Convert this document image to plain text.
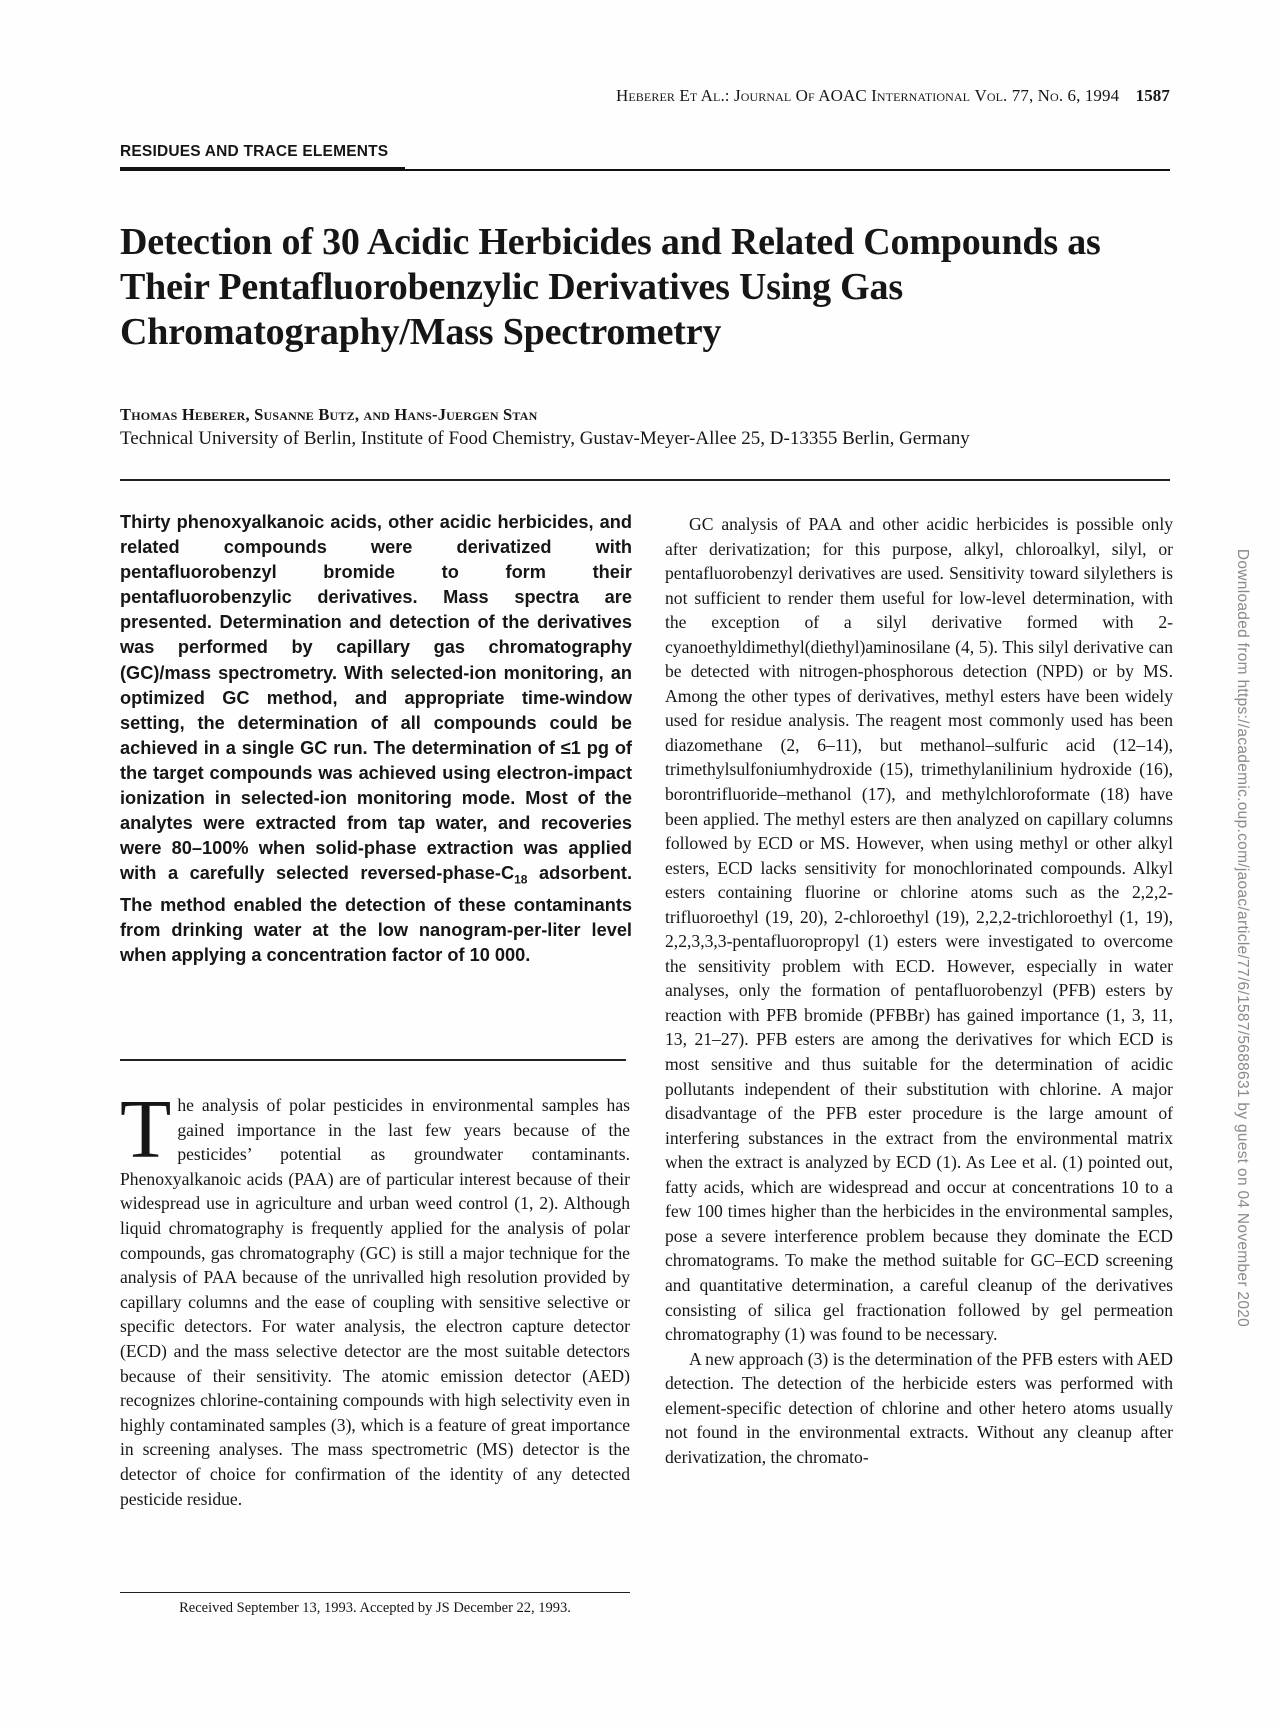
Heberer Et Al.: Journal Of AOAC International Vol. 77, No. 6, 1994 1587
RESIDUES AND TRACE ELEMENTS
Detection of 30 Acidic Herbicides and Related Compounds as Their Pentafluorobenzylic Derivatives Using Gas Chromatography/Mass Spectrometry
Thomas Heberer, Susanne Butz, and Hans-Juergen Stan
Technical University of Berlin, Institute of Food Chemistry, Gustav-Meyer-Allee 25, D-13355 Berlin, Germany
Thirty phenoxyalkanoic acids, other acidic herbicides, and related compounds were derivatized with pentafluorobenzyl bromide to form their pentafluorobenzylic derivatives. Mass spectra are presented. Determination and detection of the derivatives was performed by capillary gas chromatography (GC)/mass spectrometry. With selected-ion monitoring, an optimized GC method, and appropriate time-window setting, the determination of all compounds could be achieved in a single GC run. The determination of ≤1 pg of the target compounds was achieved using electron-impact ionization in selected-ion monitoring mode. Most of the analytes were extracted from tap water, and recoveries were 80–100% when solid-phase extraction was applied with a carefully selected reversed-$phase-C_{18}$ adsorbent. The method enabled the detection of these contaminants from drinking water at the low nanogram-per-liter level when applying a concentration factor of 10 000.
The analysis of polar pesticides in environmental samples has gained importance in the last few years because of the pesticides’ potential as groundwater contaminants. Phenoxyalkanoic acids (PAA) are of particular interest because of their widespread use in agriculture and urban weed control (1, 2). Although liquid chromatography is frequently applied for the analysis of polar compounds, gas chromatography (GC) is still a major technique for the analysis of PAA because of the unrivalled high resolution provided by capillary columns and the ease of coupling with sensitive selective or specific detectors. For water analysis, the electron capture detector (ECD) and the mass selective detector are the most suitable detectors because of their sensitivity. The atomic emission detector (AED) recognizes chlorine-containing compounds with high selectivity even in highly contaminated samples (3), which is a feature of great importance in screening analyses. The mass spectrometric (MS) detector is the detector of choice for confirmation of the identity of any detected pesticide residue.
Received September 13, 1993. Accepted by JS December 22, 1993.

GC analysis of PAA and other acidic herbicides is possible only after derivatization; for this purpose, alkyl, chloroalkyl, silyl, or pentafluorobenzyl derivatives are used. Sensitivity toward silylethers is not sufficient to render them useful for low-level determination, with the exception of a silyl derivative formed with 2-cyanoethyldimethyl(diethyl)aminosilane (4, 5). This silyl derivative can be detected with nitrogen-phosphorous detection (NPD) or by MS. Among the other types of derivatives, methyl esters have been widely used for residue analysis. The reagent most commonly used has been diazomethane (2, 6–11), but methanol–sulfuric acid (12–14), trimethylsulfoniumhydroxide (15), trimethylanilinium hydroxide (16), borontrifluoride–methanol (17), and methylchloroformate (18) have been applied. The methyl esters are then analyzed on capillary columns followed by ECD or MS. However, when using methyl or other alkyl esters, ECD lacks sensitivity for monochlorinated compounds. Alkyl esters containing fluorine or chlorine atoms such as the 2,2,2-trifluoroethyl (19, 20), 2-chloroethyl (19), 2,2,2-trichloroethyl (1, 19), 2,2,3,3,3-pentafluoropropyl (1) esters were investigated to overcome the sensitivity problem with ECD. However, especially in water analyses, only the formation of pentafluorobenzyl (PFB) esters by reaction with PFB bromide (PFBBr) has gained importance (1, 3, 11, 13, 21–27). PFB esters are among the derivatives for which ECD is most sensitive and thus suitable for the determination of acidic pollutants independent of their substitution with chlorine. A major disadvantage of the PFB ester procedure is the large amount of interfering substances in the extract from the environmental matrix when the extract is analyzed by ECD (1). As Lee et al. (1) pointed out, fatty acids, which are widespread and occur at concentrations 10 to a few 100 times higher than the herbicides in the environmental samples, pose a severe interference problem because they dominate the ECD chromatograms. To make the method suitable for GC–ECD screening and quantitative determination, a careful cleanup of the derivatives consisting of silica gel fractionation followed by gel permeation chromatography (1) was found to be necessary.

A new approach (3) is the determination of the PFB esters with AED detection. The detection of the herbicide esters was performed with element-specific detection of chlorine and other hetero atoms usually not found in the environmental extracts. Without any cleanup after derivatization, the chromato-

Downloaded from https://academic.oup.com/jaoac/article/77/6/1587/5688631 by guest on 04 November 2020
